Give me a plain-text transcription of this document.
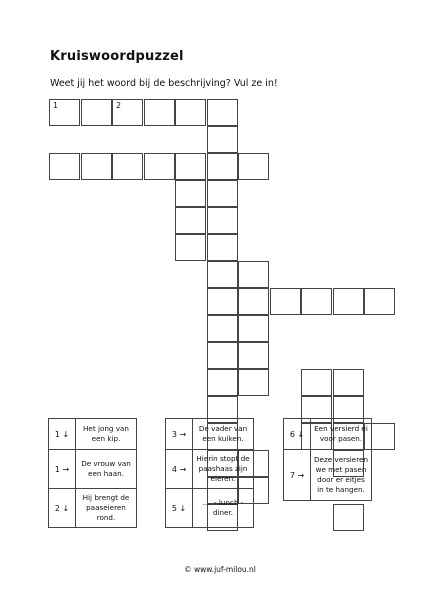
Kruiswoordpuzzel
Weet jij het woord bij de beschrijving? Vul ze in!
1	2
1 ↓	Het jong van een kip.
1 →	De vrouw van een haan.
2 ↓	Hij brengt de paaseieren rond.
3 →	De vader van een kuiken.
4 →	Hierin stopt de paashaas zijn eieren.
5 ↓	.... - lunch - diner.
6 ↓	Een versierd ei voor pasen.
7 →	Deze versieren we met pasen door er eitjes in te hangen.
© www.juf-milou.nl
